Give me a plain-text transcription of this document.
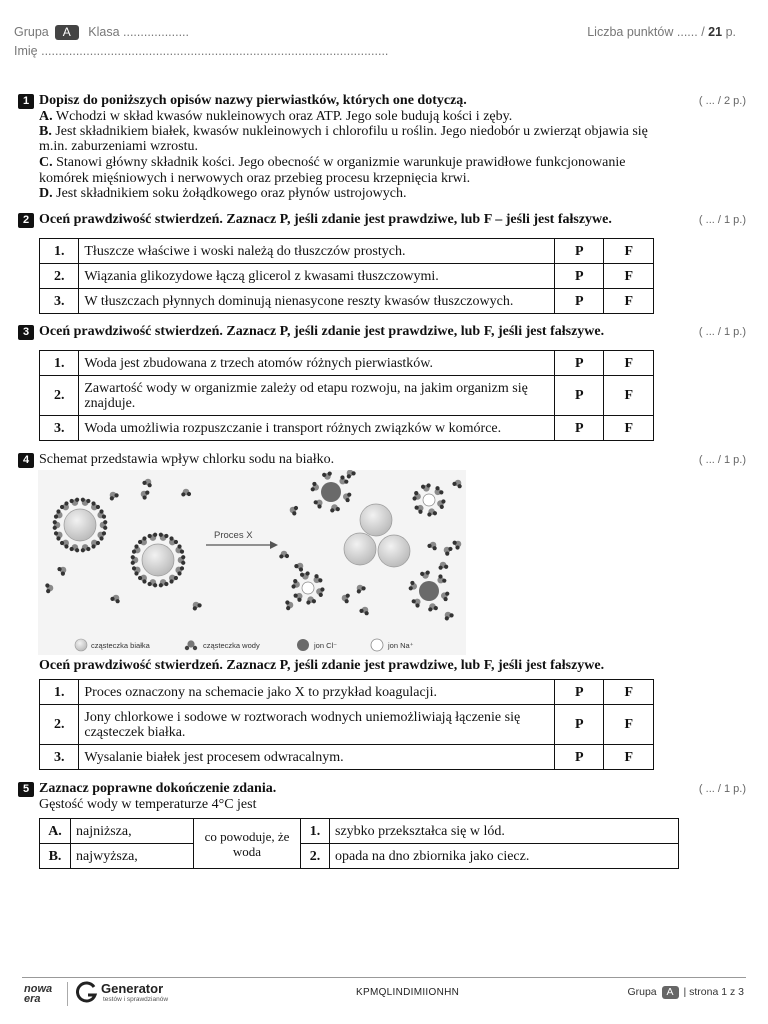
Grupa A Klasa ...................
Imię ....................................................................................................
Liczba punktów ...... / 21 p.
1 Dopisz do poniższych opisów nazwy pierwiastków, których one dotyczą.	( ... / 2 p.)
A. Wchodzi w skład kwasów nukleinowych oraz ATP. Jego sole budują kości i zęby.
B. Jest składnikiem białek, kwasów nukleinowych i chlorofilu u roślin. Jego niedobór u zwierząt objawia się
m.in. zaburzeniami wzrostu.
C. Stanowi główny składnik kości. Jego obecność w organizmie warunkuje prawidłowe funkcjonowanie
komórek mięśniowych i nerwowych oraz przebieg procesu krzepnięcia krwi.
D. Jest składnikiem soku żołądkowego oraz płynów ustrojowych.
2 Oceń prawdziwość stwierdzeń. Zaznacz P, jeśli zdanie jest prawdziwe, lub F – jeśli jest fałszywe.	( ... / 1 p.)
1.	Tłuszcze właściwe i woski należą do tłuszczów prostych.	P	F
2.	Wiązania glikozydowe łączą glicerol z kwasami tłuszczowymi.	P	F
3.	W tłuszczach płynnych dominują nienasycone reszty kwasów tłuszczowych.	P	F
3 Oceń prawdziwość stwierdzeń. Zaznacz P, jeśli zdanie jest prawdziwe, lub F, jeśli jest fałszywe.	( ... / 1 p.)
1.	Woda jest zbudowana z trzech atomów różnych pierwiastków.	P	F
2.	Zawartość wody w organizmie zależy od etapu rozwoju, na jakim organizm się znajduje.	P	F
3.	Woda umożliwia rozpuszczanie i transport różnych związków w komórce.	P	F
4 Schemat przedstawia wpływ chlorku sodu na białko.	( ... / 1 p.)
Proces X
cząsteczka białka	cząsteczka wody	jon Cl⁻	jon Na⁺
Oceń prawdziwość stwierdzeń. Zaznacz P, jeśli zdanie jest prawdziwe, lub F, jeśli jest fałszywe.
1.	Proces oznaczony na schemacie jako X to przykład koagulacji.	P	F
2.	Jony chlorkowe i sodowe w roztworach wodnych uniemożliwiają łączenie się cząsteczek białka.	P	F
3.	Wysalanie białek jest procesem odwracalnym.	P	F
5 Zaznacz poprawne dokończenie zdania.	( ... / 1 p.)
Gęstość wody w temperaturze 4°C jest
A.	najniższa,	co powoduje, że woda	1.	szybko przekształca się w lód.
B.	najwyższa,		2.	opada na dno zbiornika jako ciecz.
nowa era
Generator
testów i sprawdzianów
KPMQLINDIMIIONHN	Grupa A | strona 1 z 3
